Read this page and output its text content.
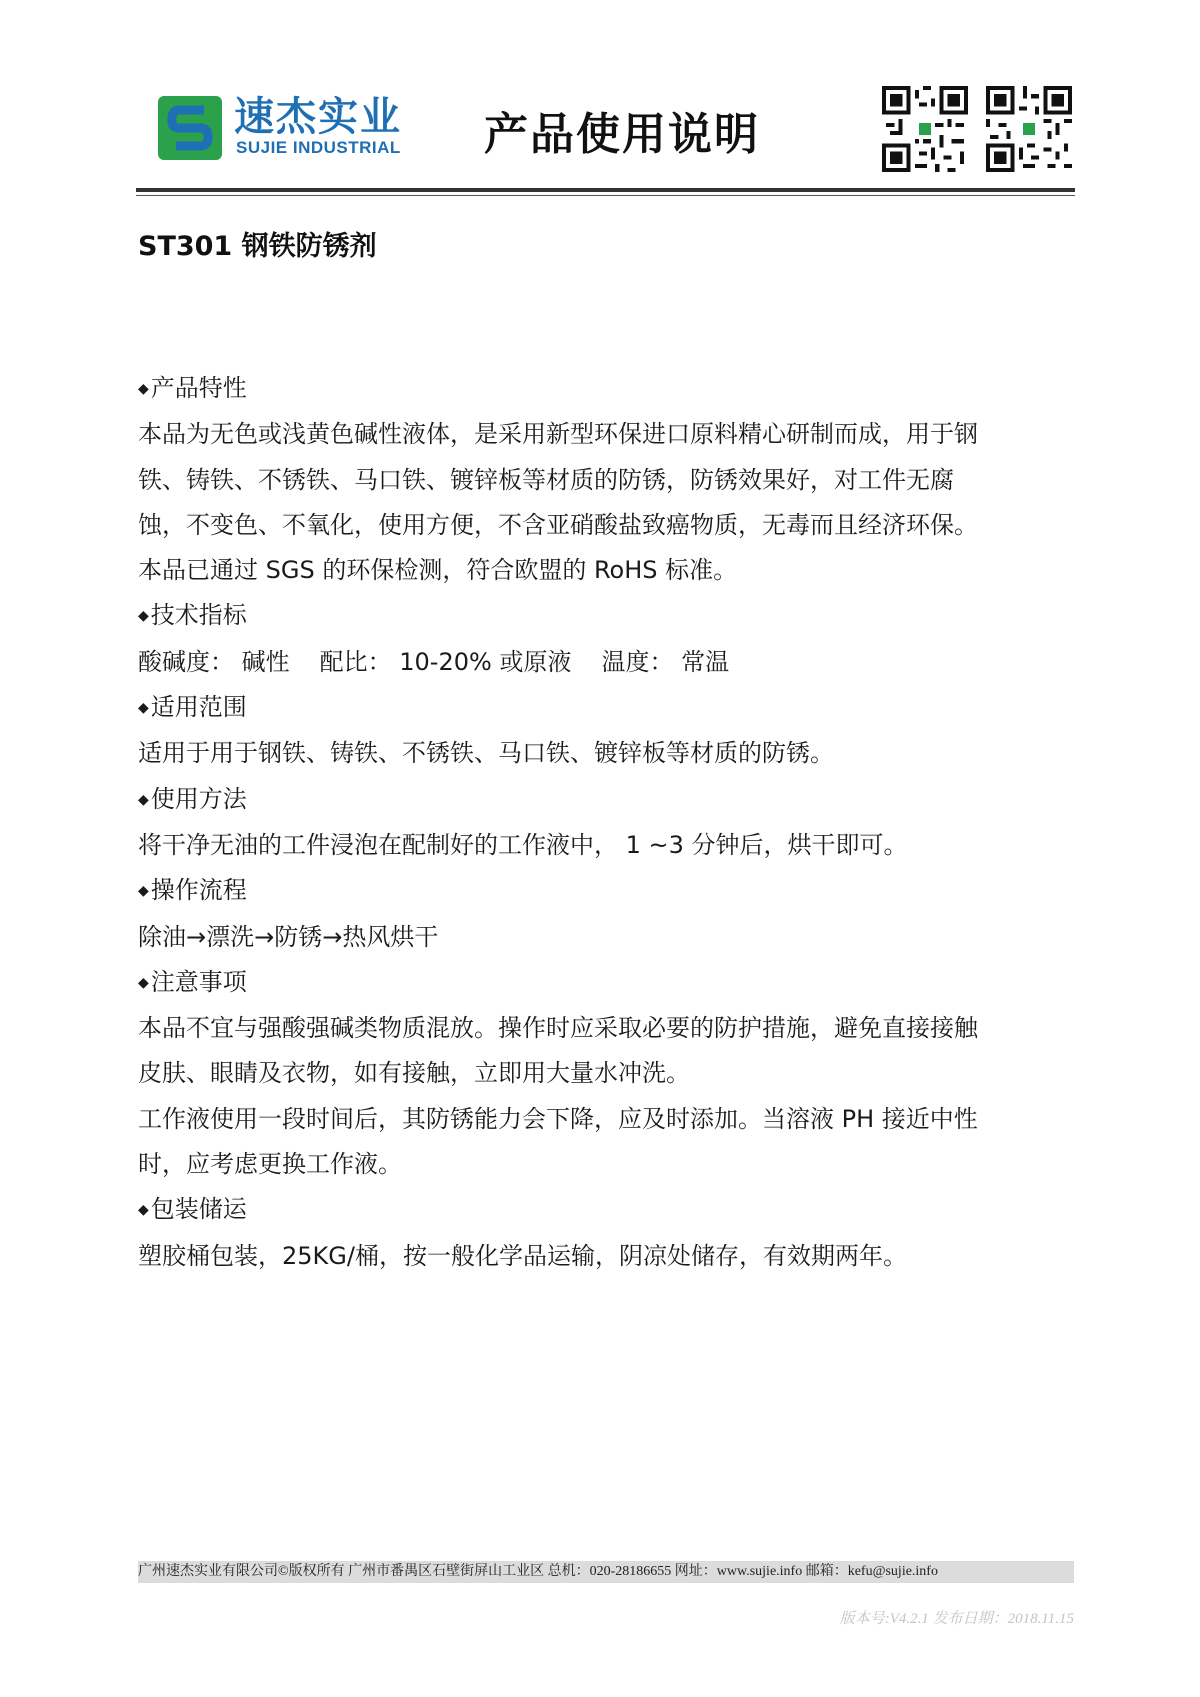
速杰实业
SUJIE INDUSTRIAL 产品使用说明
ST301 钢铁防锈剂

◆ 产品特性

本品为无色或浅黄色碱性液体，是采用新型环保进口原料精心研制而成，用于钢

铁、铸铁、不锈铁、马口铁、镀锌板等材质的防锈，防锈效果好，对工件无腐

蚀，不变色、不氧化，使用方便，不含亚硝酸盐致癌物质，无毒而且经济环保。

本品已通过 SGS 的环保检测，符合欧盟的 RoHS 标准。

◆ 技术指标

酸碱度： 碱性 配比： 10-20% 或原液 温度： 常温

◆ 适用范围

适用于用于钢铁、铸铁、不锈铁、马口铁、镀锌板等材质的防锈。

◆ 使用方法

将干净无油的工件浸泡在配制好的工作液中， 1 ~3 分钟后，烘干即可。

◆ 操作流程

除油→漂洗→防锈→热风烘干

◆ 注意事项

本品不宜与强酸强碱类物质混放。操作时应采取必要的防护措施，避免直接接触

皮肤、眼睛及衣物，如有接触，立即用大量水冲洗。

工作液使用一段时间后，其防锈能力会下降，应及时添加。当溶液 PH 接近中性

时，应考虑更换工作液。

◆ 包装储运

塑胶桶包装，25KG/桶，按一般化学品运输，阴凉处储存，有效期两年。

广州速杰实业有限公司©版权所有 广州市番禺区石壁街屏山工业区 总机：020-28186655 网址：www.sujie.info 邮箱：kefu@sujie.info
版本号:V4.2.1 发布日期：2018.11.15
